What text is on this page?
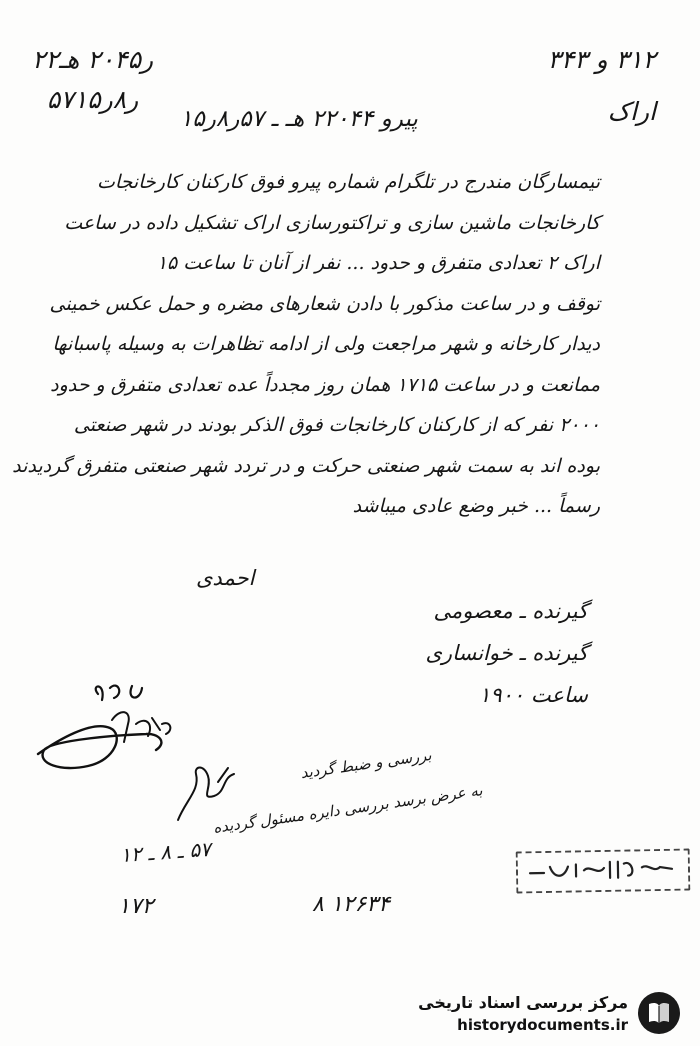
۲۲ر۲۰۴۵ هـ
۵۷ر۸ر۱۵
۳۱۲ و ۳۴۳
اراک
پیرو ۲۲۰۴۴ هـ ـ ۵۷ر۸ر۱۵
تیمسارگان مندرج در تلگرام شماره پیرو فوق کارکنان کارخانجات
کارخانجات ماشین سازی و تراکتورسازی اراک تشکیل داده در ساعت
اراک ۲ تعدادی متفرق و حدود ... نفر از آنان تا ساعت ۱۵
توقف و در ساعت مذکور با دادن شعارهای مضره و حمل عکس خمینی
دیدار کارخانه و شهر مراجعت ولی از ادامه تظاهرات به وسیله پاسبانها
ممانعت و در ساعت ۱۷۱۵ همان روز مجدداً عده تعدادی متفرق و حدود
۲۰۰۰ نفر که از کارکنان کارخانجات فوق الذکر بودند در شهر صنعتی
بوده اند به سمت شهر صنعتی حرکت و در تردد شهر صنعتی متفرق گردیدند
رسماً ... خبر وضع عادی میباشد
احمدی
گیرنده ـ معصومی
گیرنده ـ خوانساری
ساعت ۱۹۰۰
بررسی و ضبط گردید
به عرض برسد بررسی دایره مسئول گردیده
۵۷ ـ ۸ ـ ۱۲
۱۷۲	۱۲۶۳۴ ۸
مرکز بررسی اسناد تاریخی
historydocuments.ir
